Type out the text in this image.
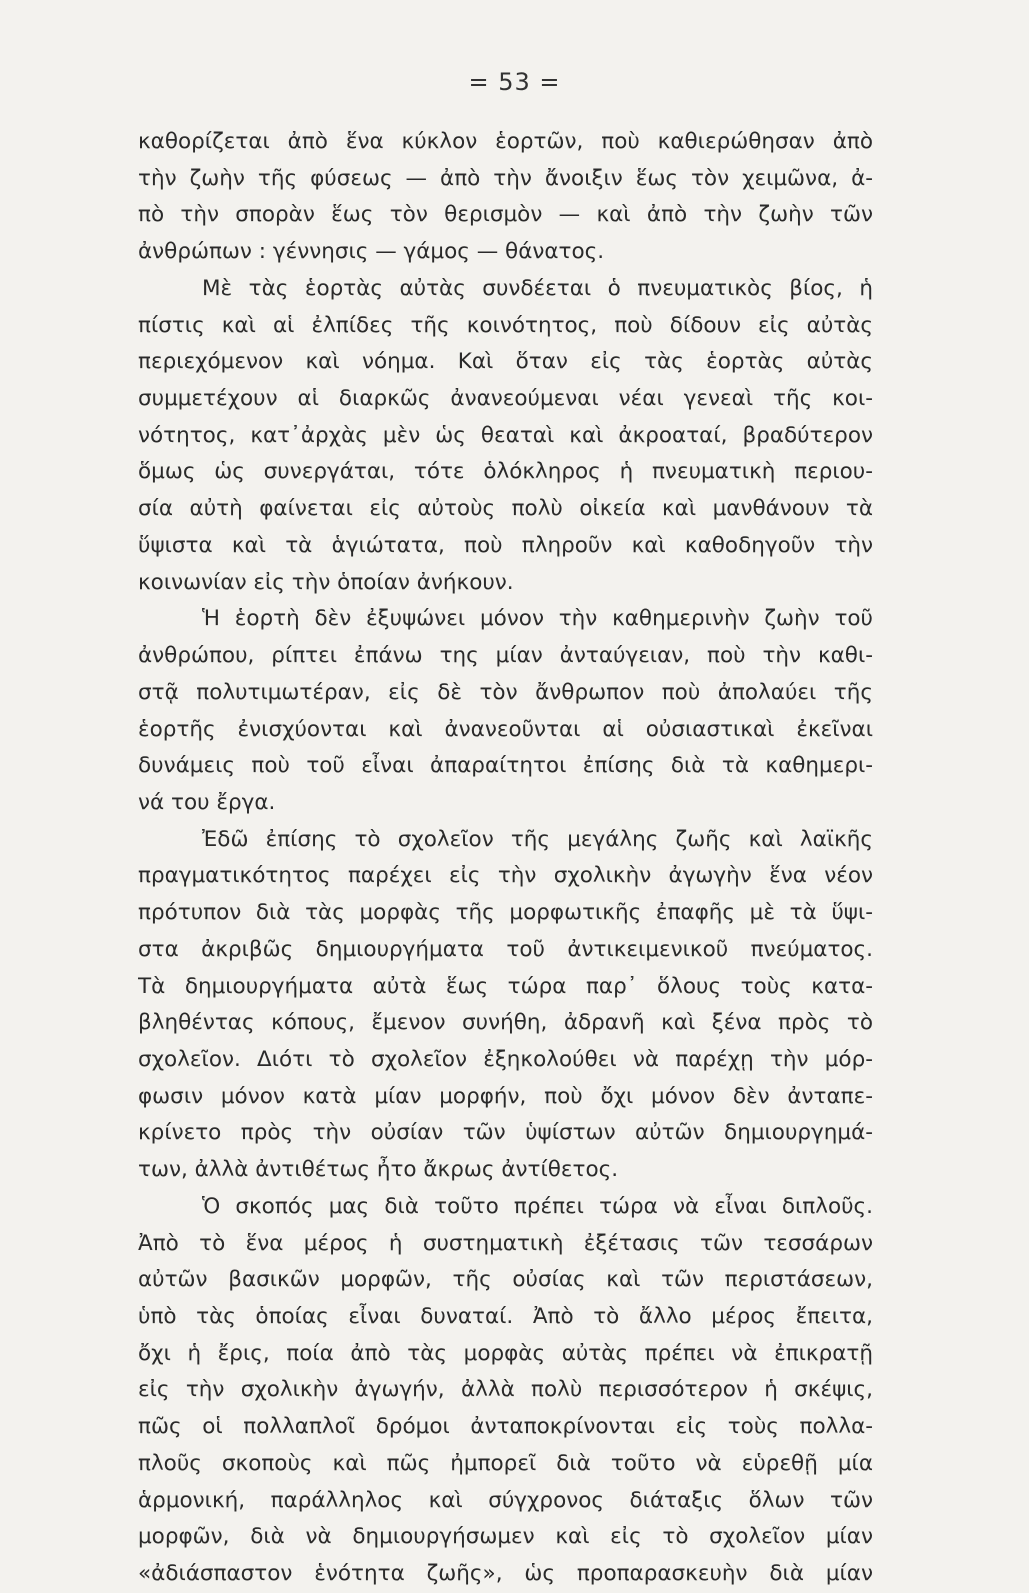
= 53 =
καθορίζεται ἀπὸ ἕνα κύκλον ἑορτῶν, ποὺ καθιερώθησαν ἀπὸ
τὴν ζωὴν τῆς φύσεως — ἀπὸ τὴν ἄνοιξιν ἕως τὸν χειμῶνα, ἀ-
πὸ τὴν σπορὰν ἕως τὸν θερισμὸν — καὶ ἀπὸ τὴν ζωὴν τῶν
ἀνθρώπων : γέννησις — γάμος — θάνατος.
Μὲ τὰς ἑορτὰς αὐτὰς συνδέεται ὁ πνευματικὸς βίος, ἡ
πίστις καὶ αἱ ἐλπίδες τῆς κοινότητος, ποὺ δίδουν εἰς αὐτὰς
περιεχόμενον καὶ νόημα. Καὶ ὅταν εἰς τὰς ἑορτὰς αὐτὰς
συμμετέχουν αἱ διαρκῶς ἀνανεούμεναι νέαι γενεαὶ τῆς κοι-
νότητος, κατ᾽ἀρχὰς μὲν ὡς θεαταὶ καὶ ἀκροαταί, βραδύτερον
ὅμως ὡς συνεργάται, τότε ὁλόκληρος ἡ πνευματικὴ περιου-
σία αὐτὴ φαίνεται εἰς αὐτοὺς πολὺ οἰκεία καὶ μανθάνουν τὰ
ὕψιστα καὶ τὰ ἁγιώτατα, ποὺ πληροῦν καὶ καθοδηγοῦν τὴν
κοινωνίαν εἰς τὴν ὁποίαν ἀνήκουν.
Ἡ ἑορτὴ δὲν ἐξυψώνει μόνον τὴν καθημερινὴν ζωὴν τοῦ
ἀνθρώπου, ρίπτει ἐπάνω της μίαν ἀνταύγειαν, ποὺ τὴν καθι-
στᾷ πολυτιμωτέραν, εἰς δὲ τὸν ἄνθρωπον ποὺ ἀπολαύει τῆς
ἑορτῆς ἐνισχύονται καὶ ἀνανεοῦνται αἱ οὐσιαστικαὶ ἐκεῖναι
δυνάμεις ποὺ τοῦ εἶναι ἀπαραίτητοι ἐπίσης διὰ τὰ καθημερι-
νά του ἔργα.
Ἐδῶ ἐπίσης τὸ σχολεῖον τῆς μεγάλης ζωῆς καὶ λαϊκῆς
πραγματικότητος παρέχει εἰς τὴν σχολικὴν ἀγωγὴν ἕνα νέον
πρότυπον διὰ τὰς μορφὰς τῆς μορφωτικῆς ἐπαφῆς μὲ τὰ ὕψι-
στα ἀκριβῶς δημιουργήματα τοῦ ἀντικειμενικοῦ πνεύματος.
Τὰ δημιουργήματα αὐτὰ ἕως τώρα παρ᾽ ὅλους τοὺς κατα-
βληθέντας κόπους, ἔμενον συνήθη, ἀδρανῆ καὶ ξένα πρὸς τὸ
σχολεῖον. Διότι τὸ σχολεῖον ἐξηκολούθει νὰ παρέχῃ τὴν μόρ-
φωσιν μόνον κατὰ μίαν μορφήν, ποὺ ὄχι μόνον δὲν ἀνταπε-
κρίνετο πρὸς τὴν οὐσίαν τῶν ὑψίστων αὐτῶν δημιουργημά-
των, ἀλλὰ ἀντιθέτως ἦτο ἄκρως ἀντίθετος.
Ὁ σκοπός μας διὰ τοῦτο πρέπει τώρα νὰ εἶναι διπλοῦς.
Ἀπὸ τὸ ἕνα μέρος ἡ συστηματικὴ ἐξέτασις τῶν τεσσάρων
αὐτῶν βασικῶν μορφῶν, τῆς οὐσίας καὶ τῶν περιστάσεων,
ὑπὸ τὰς ὁποίας εἶναι δυναταί. Ἀπὸ τὸ ἄλλο μέρος ἔπειτα,
ὄχι ἡ ἔρις, ποία ἀπὸ τὰς μορφὰς αὐτὰς πρέπει νὰ ἐπικρατῇ
εἰς τὴν σχολικὴν ἀγωγήν, ἀλλὰ πολὺ περισσότερον ἡ σκέψις,
πῶς οἱ πολλαπλοῖ δρόμοι ἀνταποκρίνονται εἰς τοὺς πολλα-
πλοῦς σκοποὺς καὶ πῶς ἠμπορεῖ διὰ τοῦτο νὰ εὑρεθῇ μία
ἁρμονική, παράλληλος καὶ σύγχρονος διάταξις ὅλων τῶν
μορφῶν, διὰ νὰ δημιουργήσωμεν καὶ εἰς τὸ σχολεῖον μίαν
«ἀδιάσπαστον ἑνότητα ζωῆς», ὡς προπαρασκευὴν διὰ μίαν
